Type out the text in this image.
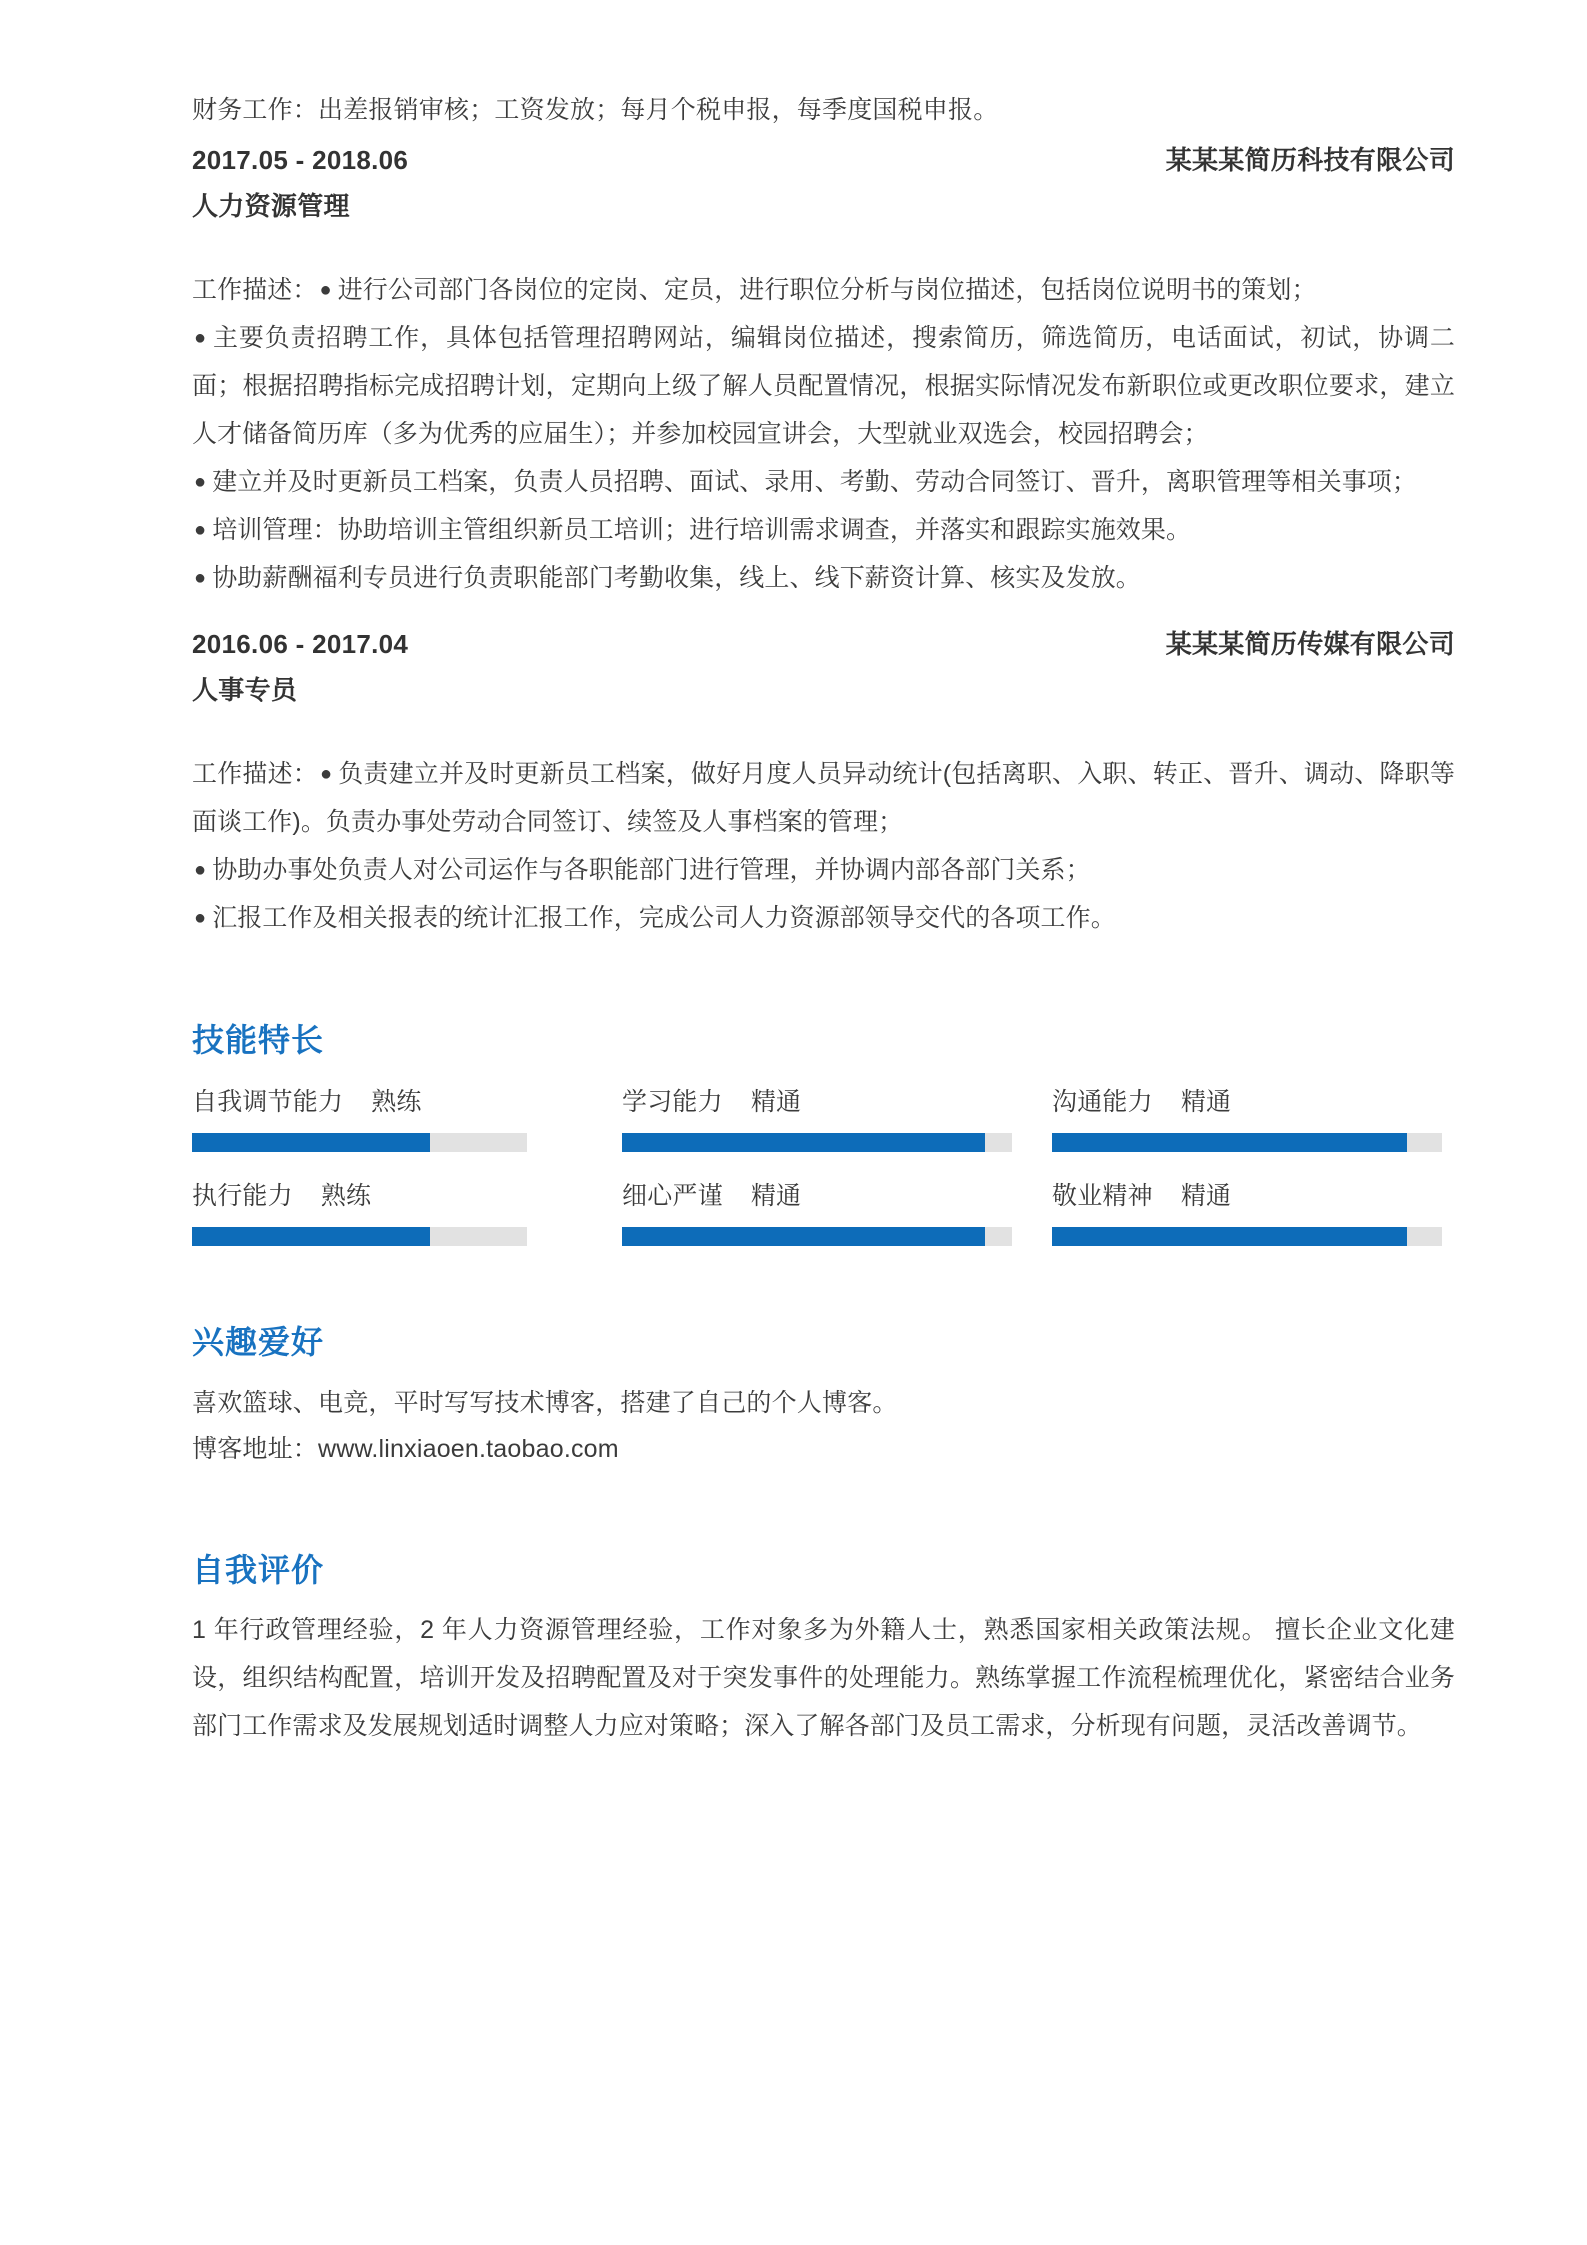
财务工作：出差报销审核；工资发放；每月个税申报，每季度国税申报。
2017.05 - 2018.06	某某某简历科技有限公司
人力资源管理
工作描述： ● 进行公司部门各岗位的定岗、定员，进行职位分析与岗位描述，包括岗位说明书的策划；
● 主要负责招聘工作，具体包括管理招聘网站，编辑岗位描述，搜索简历，筛选简历，电话面试，初试，协调二面；根据招聘指标完成招聘计划，定期向上级了解人员配置情况，根据实际情况发布新职位或更改职位要求，建立人才储备简历库（多为优秀的应届生）；并参加校园宣讲会，大型就业双选会，校园招聘会；
● 建立并及时更新员工档案，负责人员招聘、面试、录用、考勤、劳动合同签订、晋升，离职管理等相关事项；
● 培训管理：协助培训主管组织新员工培训；进行培训需求调查，并落实和跟踪实施效果。
● 协助薪酬福利专员进行负责职能部门考勤收集，线上、线下薪资计算、核实及发放。
2016.06 - 2017.04	某某某简历传媒有限公司
人事专员
工作描述： ● 负责建立并及时更新员工档案，做好月度人员异动统计(包括离职、入职、转正、晋升、调动、降职等面谈工作)。负责办事处劳动合同签订、续签及人事档案的管理；
● 协助办事处负责人对公司运作与各职能部门进行管理，并协调内部各部门关系；
● 汇报工作及相关报表的统计汇报工作，完成公司人力资源部领导交代的各项工作。
技能特长
自我调节能力 熟练	学习能力 精通	沟通能力 精通
执行能力 熟练	细心严谨 精通	敬业精神 精通
兴趣爱好
喜欢篮球、电竞，平时写写技术博客，搭建了自己的个人博客。
博客地址：www.linxiaoen.taobao.com
自我评价
1 年行政管理经验，2 年人力资源管理经验，工作对象多为外籍人士，熟悉国家相关政策法规。 擅长企业文化建设，组织结构配置，培训开发及招聘配置及对于突发事件的处理能力。熟练掌握工作流程梳理优化，紧密结合业务部门工作需求及发展规划适时调整人力应对策略；深入了解各部门及员工需求，分析现有问题，灵活改善调节。
